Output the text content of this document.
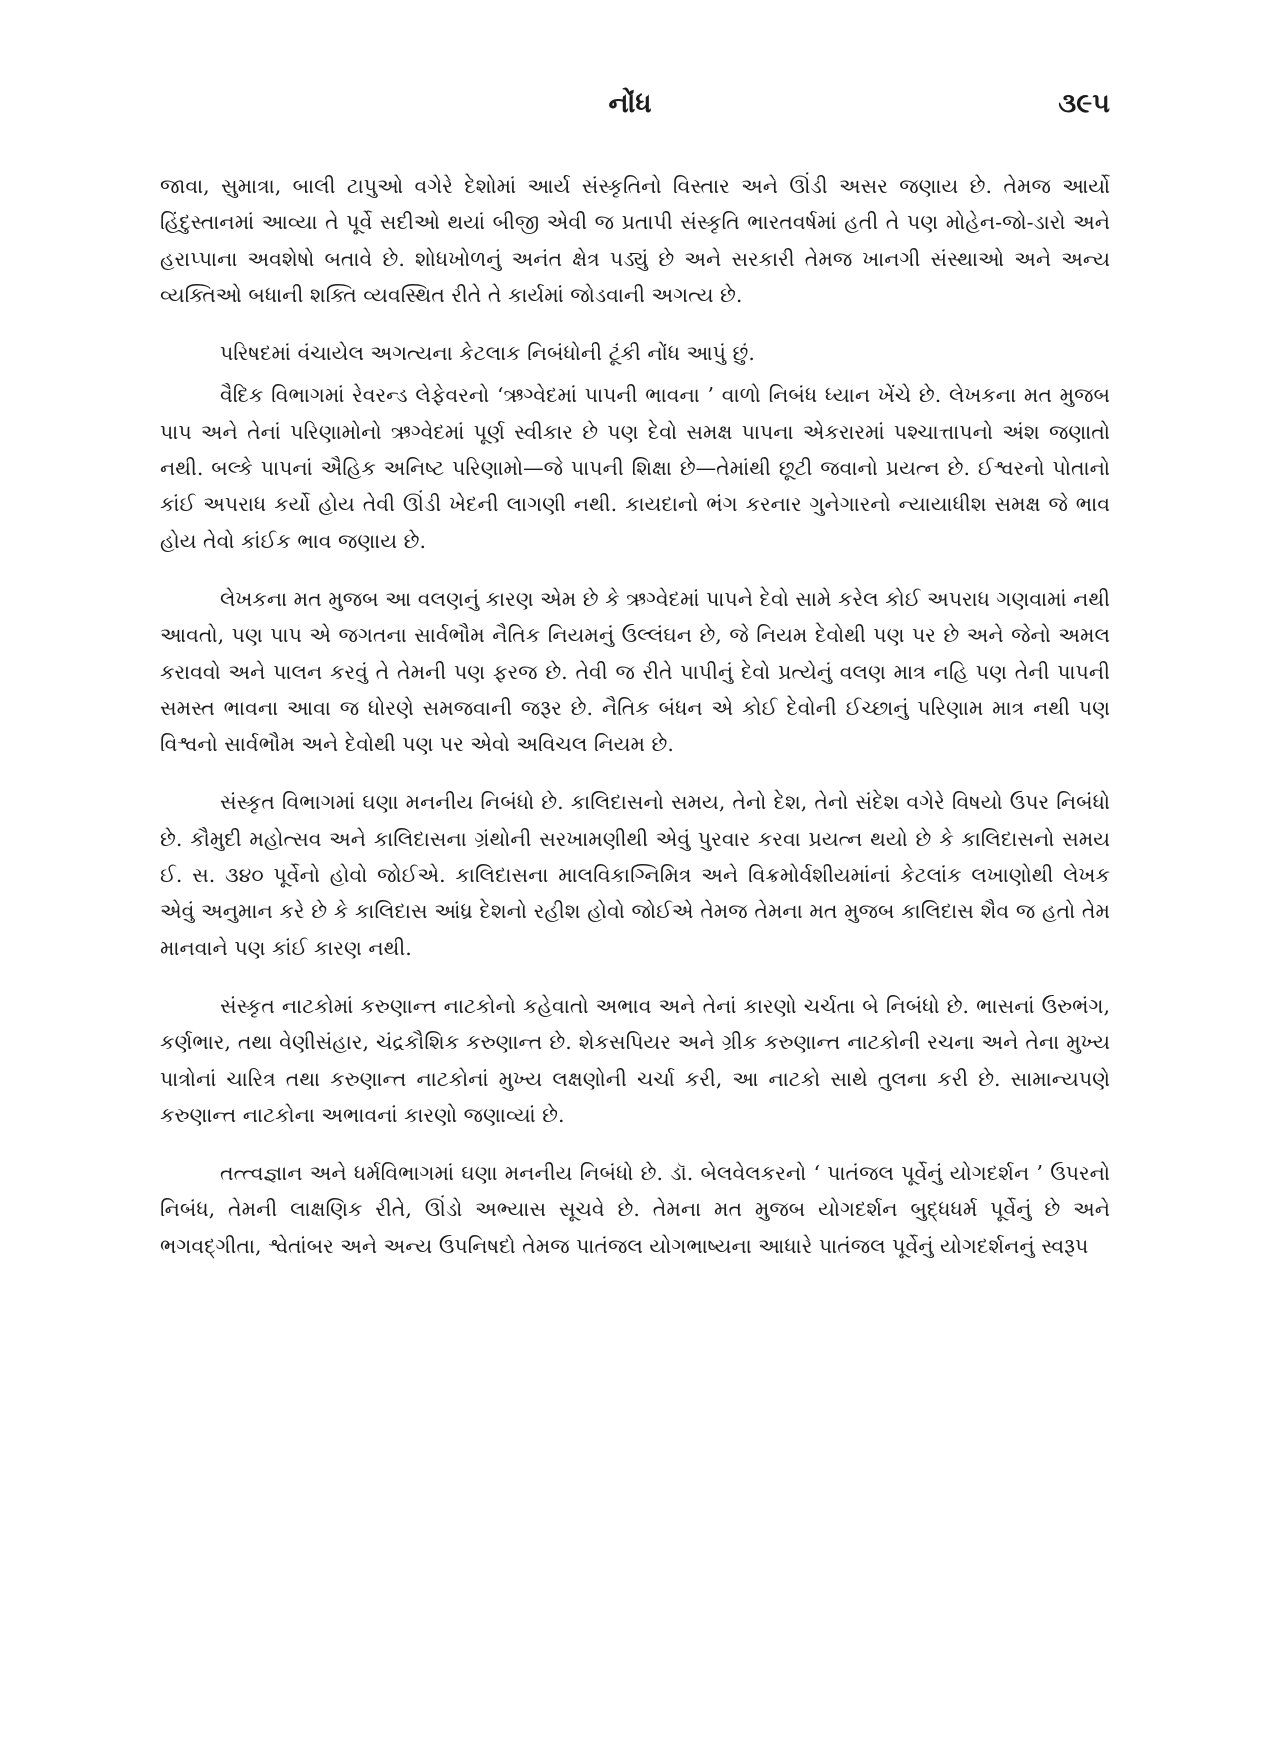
નોંધ	૩૯૫

જાવા, સુમાત્રા, બાલી ટાપુઓ વગેરે દેશોમાં આર્ય સંસ્કૃતિનો વિસ્તાર અને ઊંડી અસર જણાય છે. તેમજ આર્યો હિંદુસ્તાનમાં આવ્યા તે પૂર્વે સદીઓ થયાં બીજી એવી જ પ્રતાપી સંસ્કૃતિ ભારતવર્ષમાં હતી તે પણ મોહેન-જો-ડારો અને હરાપ્પાના અવશેષો બતાવે છે. શોધખોળનું અનંત ક્ષેત્ર પડ્યું છે અને સરકારી તેમજ ખાનગી સંસ્થાઓ અને અન્ય વ્યક્તિઓ બધાની શક્તિ વ્યવસ્થિત રીતે તે કાર્યમાં જોડવાની અગત્ય છે.

પરિષદમાં વંચાયેલ અગત્યના કેટલાક નિબંધોની ટૂંકી નોંધ આપું છું.

વૈદિક વિભાગમાં રેવરન્ડ લેફેવરનો ‘ઋગ્વેદમાં પાપની ભાવના ’ વાળો નિબંધ ધ્યાન ખેંચે છે. લેખકના મત મુજબ પાપ અને તેનાં પરિણામોનો ઋગ્વેદમાં પૂર્ણ સ્વીકાર છે પણ દેવો સમક્ષ પાપના એકરારમાં પશ્ચાત્તાપનો અંશ જણાતો નથી. બલ્કે પાપનાં ઐહિક અનિષ્ટ પરિણામો—જે પાપની શિક્ષા છે—તેમાંથી છૂટી જવાનો પ્રયત્ન છે. ઈશ્વરનો પોતાનો કાંઈ અપરાધ કર્યો હોય તેવી ઊંડી ખેદની લાગણી નથી. કાયદાનો ભંગ કરનાર ગુનેગારનો ન્યાયાધીશ સમક્ષ જે ભાવ હોય તેવો કાંઈક ભાવ જણાય છે.

લેખકના મત મુજબ આ વલણનું કારણ એમ છે કે ઋગ્વેદમાં પાપને દેવો સામે કરેલ કોઈ અપરાધ ગણવામાં નથી આવતો, પણ પાપ એ જગતના સાર્વભૌમ નૈતિક નિયમનું ઉલ્લંઘન છે, જે નિયમ દેવોથી પણ પર છે અને જેનો અમલ કરાવવો અને પાલન કરવું તે તેમની પણ ફરજ છે. તેવી જ રીતે પાપીનું દેવો પ્રત્યેનું વલણ માત્ર નહિ પણ તેની પાપની સમસ્ત ભાવના આવા જ ધોરણે સમજવાની જરૂર છે. નૈતિક બંધન એ કોઈ દેવોની ઈચ્છાનું પરિણામ માત્ર નથી પણ વિશ્વનો સાર્વભૌમ અને દેવોથી પણ પર એવો અવિચલ નિયમ છે.

સંસ્કૃત વિભાગમાં ઘણા મનનીય નિબંધો છે. કાલિદાસનો સમય, તેનો દેશ, તેનો સંદેશ વગેરે વિષયો ઉપર નિબંધો છે. કૌમુદી મહોત્સવ અને કાલિદાસના ગ્રંથોની સરખામણીથી એવું પુરવાર કરવા પ્રયત્ન થયો છે કે કાલિદાસનો સમય ઈ. સ. ૩૪૦ પૂર્વેનો હોવો જોઈએ. કાલિદાસના માલવિકાગ્નિમિત્ર અને વિક્રમોર્વશીયમાંનાં કેટલાંક લખાણોથી લેખક એવું અનુમાન કરે છે કે કાલિદાસ આંધ્ર દેશનો રહીશ હોવો જોઈએ તેમજ તેમના મત મુજબ કાલિદાસ શૈવ જ હતો તેમ માનવાને પણ કાંઈ કારણ નથી.

સંસ્કૃત નાટકોમાં કરુણાન્ત નાટકોનો કહેવાતો અભાવ અને તેનાં કારણો ચર્ચતા બે નિબંધો છે. ભાસનાં ઉરુભંગ, કર્ણભાર, તથા વેણીસંહાર, ચંદ્રકૌશિક કરુણાન્ત છે. શેકસપિયર અને ગ્રીક કરુણાન્ત નાટકોની રચના અને તેના મુખ્ય પાત્રોનાં ચારિત્ર તથા કરુણાન્ત નાટકોનાં મુખ્ય લક્ષણોની ચર્ચા કરી, આ નાટકો સાથે તુલના કરી છે. સામાન્યપણે કરુણાન્ત નાટકોના અભાવનાં કારણો જણાવ્યાં છે.

તત્ત્વજ્ઞાન અને ધર્મવિભાગમાં ઘણા મનનીય નિબંધો છે. ડૉ. બેલવેલકરનો ‘ પાતંજલ પૂર્વેનું યોગદર્શન ’ ઉપરનો નિબંધ, તેમની લાક્ષણિક રીતે, ઊંડો અભ્યાસ સૂચવે છે. તેમના મત મુજબ યોગદર્શન બુદ્ધધર્મ પૂર્વેનું છે અને ભગવદ્ગીતા, શ્વેતાંબર અને અન્ય ઉપનિષદો તેમજ પાતંજલ યોગભાષ્યના આધારે પાતંજલ પૂર્વેનું યોગદર્શનનું સ્વરૂપ
